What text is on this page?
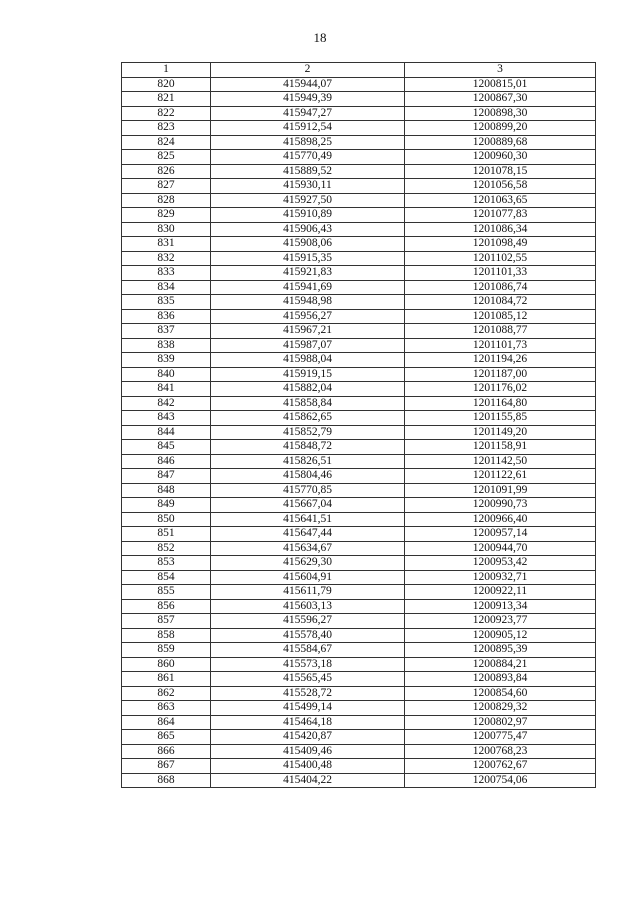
18
1	2	3
820	415944,07	1200815,01
821	415949,39	1200867,30
822	415947,27	1200898,30
823	415912,54	1200899,20
824	415898,25	1200889,68
825	415770,49	1200960,30
826	415889,52	1201078,15
827	415930,11	1201056,58
828	415927,50	1201063,65
829	415910,89	1201077,83
830	415906,43	1201086,34
831	415908,06	1201098,49
832	415915,35	1201102,55
833	415921,83	1201101,33
834	415941,69	1201086,74
835	415948,98	1201084,72
836	415956,27	1201085,12
837	415967,21	1201088,77
838	415987,07	1201101,73
839	415988,04	1201194,26
840	415919,15	1201187,00
841	415882,04	1201176,02
842	415858,84	1201164,80
843	415862,65	1201155,85
844	415852,79	1201149,20
845	415848,72	1201158,91
846	415826,51	1201142,50
847	415804,46	1201122,61
848	415770,85	1201091,99
849	415667,04	1200990,73
850	415641,51	1200966,40
851	415647,44	1200957,14
852	415634,67	1200944,70
853	415629,30	1200953,42
854	415604,91	1200932,71
855	415611,79	1200922,11
856	415603,13	1200913,34
857	415596,27	1200923,77
858	415578,40	1200905,12
859	415584,67	1200895,39
860	415573,18	1200884,21
861	415565,45	1200893,84
862	415528,72	1200854,60
863	415499,14	1200829,32
864	415464,18	1200802,97
865	415420,87	1200775,47
866	415409,46	1200768,23
867	415400,48	1200762,67
868	415404,22	1200754,06
